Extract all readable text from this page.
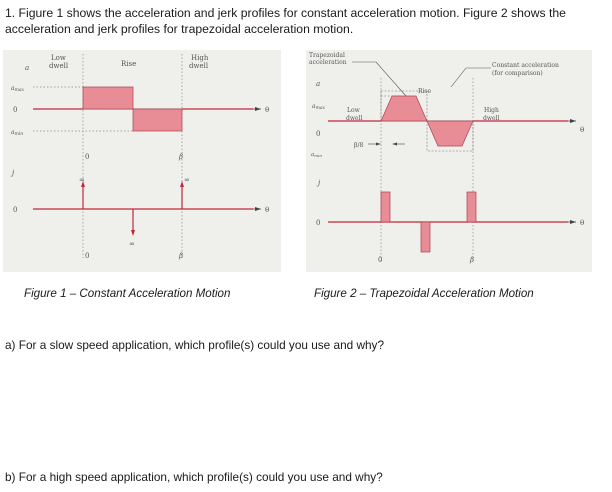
1. Figure 1 shows the acceleration and jerk profiles for constant acceleration motion. Figure 2 shows the acceleration and jerk profiles for trapezoidal acceleration motion.
Low
dwell	Rise
High
dwell
a
θ
amax
0
amin
0	β
j
θ
0
∞
∞
∞
0	β
Trapezoidal
acceleration	Constant acceleration
(for comparison)
Rise
a
θ
amax	Low
dwell
High
dwell
0
amin
β/8
j
θ
0
0	β
Figure 1 – Constant Acceleration Motion	Figure 2 – Trapezoidal Acceleration Motion
a) For a slow speed application, which profile(s) could you use and why?
b) For a high speed application, which profile(s) could you use and why?
